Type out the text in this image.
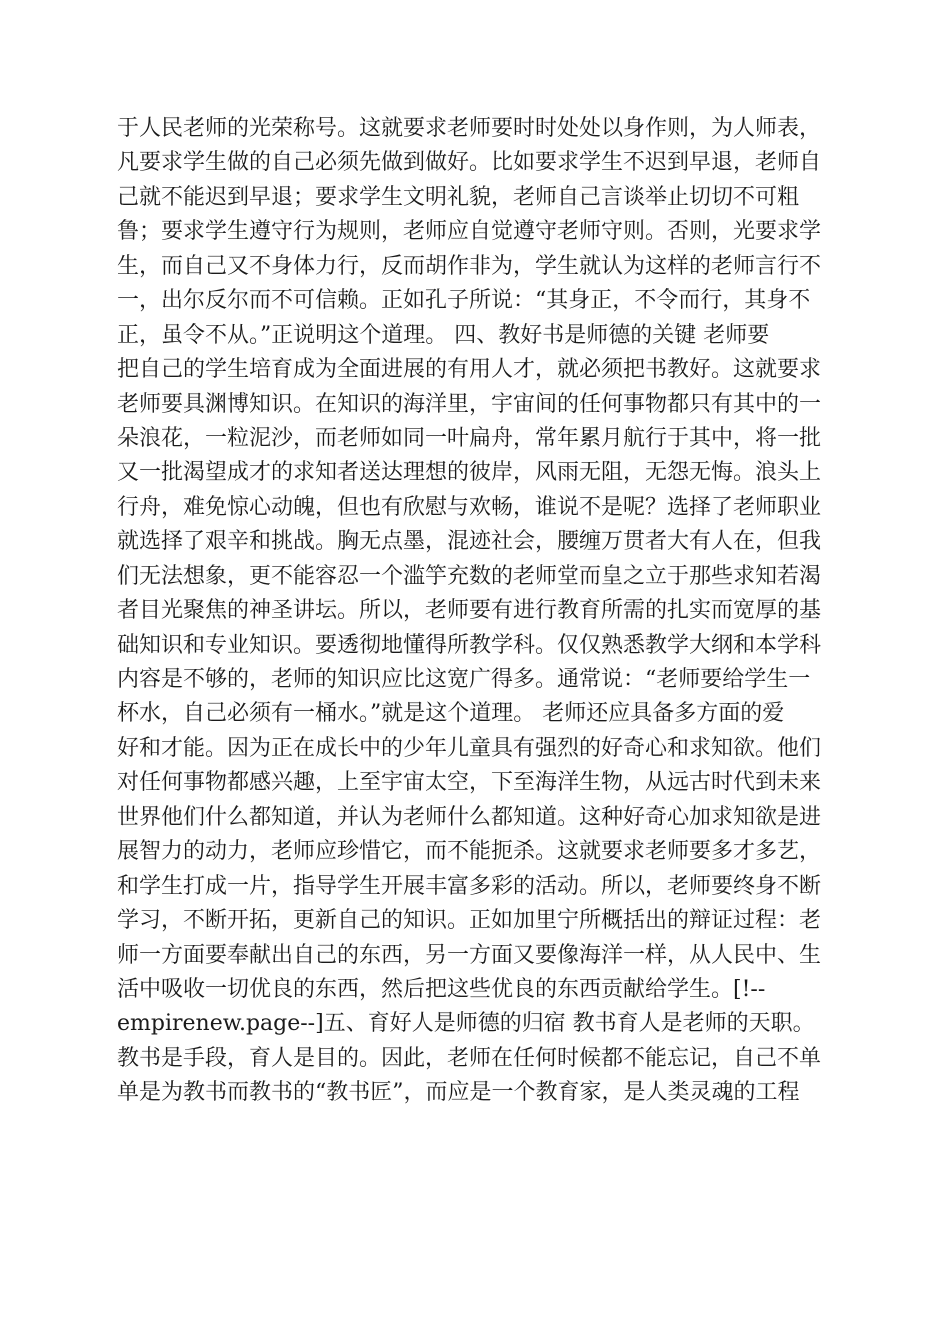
于人民老师的光荣称号。这就要求老师要时时处处以身作则，为人师表，
凡要求学生做的自己必须先做到做好。比如要求学生不迟到早退，老师自
己就不能迟到早退；要求学生文明礼貌，老师自己言谈举止切切不可粗
鲁；要求学生遵守行为规则，老师应自觉遵守老师守则。否则，光要求学
生，而自己又不身体力行，反而胡作非为，学生就认为这样的老师言行不
一，出尔反尔而不可信赖。正如孔子所说：“其身正，不令而行，其身不
正，虽令不从。”正说明这个道理。 四、教好书是师德的关键 老师要
把自己的学生培育成为全面进展的有用人才，就必须把书教好。这就要求
老师要具渊博知识。在知识的海洋里，宇宙间的任何事物都只有其中的一
朵浪花，一粒泥沙，而老师如同一叶扁舟，常年累月航行于其中，将一批
又一批渴望成才的求知者送达理想的彼岸，风雨无阻，无怨无悔。浪头上
行舟，难免惊心动魄，但也有欣慰与欢畅，谁说不是呢？选择了老师职业
就选择了艰辛和挑战。胸无点墨，混迹社会，腰缠万贯者大有人在，但我
们无法想象，更不能容忍一个滥竽充数的老师堂而皇之立于那些求知若渴
者目光聚焦的神圣讲坛。所以，老师要有进行教育所需的扎实而宽厚的基
础知识和专业知识。要透彻地懂得所教学科。仅仅熟悉教学大纲和本学科
内容是不够的，老师的知识应比这宽广得多。通常说：“老师要给学生一
杯水，自己必须有一桶水。”就是这个道理。 老师还应具备多方面的爱
好和才能。因为正在成长中的少年儿童具有强烈的好奇心和求知欲。他们
对任何事物都感兴趣，上至宇宙太空，下至海洋生物，从远古时代到未来
世界他们什么都知道，并认为老师什么都知道。这种好奇心加求知欲是进
展智力的动力，老师应珍惜它，而不能扼杀。这就要求老师要多才多艺，
和学生打成一片，指导学生开展丰富多彩的活动。所以，老师要终身不断
学习，不断开拓，更新自己的知识。正如加里宁所概括出的辩证过程：老
师一方面要奉献出自己的东西，另一方面又要像海洋一样，从人民中、生
活中吸收一切优良的东西，然后把这些优良的东西贡献给学生。[!--
empirenew.page--]五、育好人是师德的归宿 教书育人是老师的天职。
教书是手段，育人是目的。因此，老师在任何时候都不能忘记，自己不单
单是为教书而教书的“教书匠”，而应是一个教育家，是人类灵魂的工程
